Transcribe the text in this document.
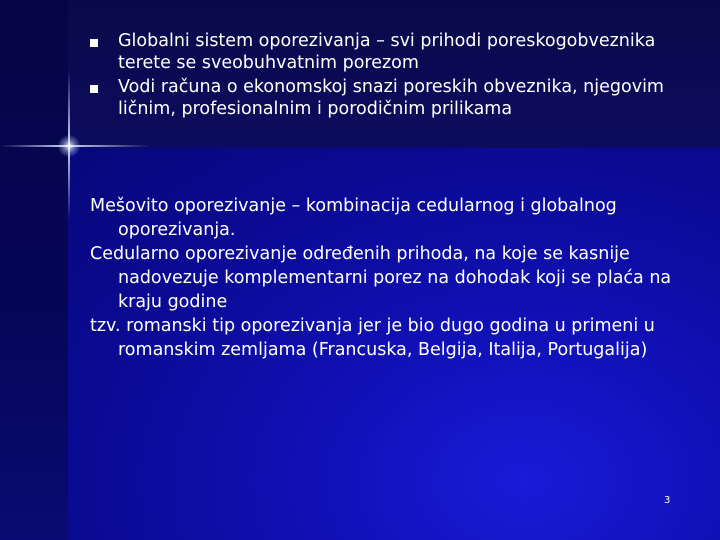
Globalni sistem oporezivanja – svi prihodi poreskogobveznika terete se sveobuhvatnim porezom
Vodi računa o ekonomskoj snazi poreskih obveznika, njegovim ličnim, profesionalnim i porodičnim prilikama

Mešovito oporezivanje – kombinacija cedularnog i globalnog oporezivanja.

Cedularno oporezivanje određenih prihoda, na koje se kasnije nadovezuje komplementarni porez na dohodak koji se plaća na kraju godine

tzv. romanski tip oporezivanja jer je bio dugo godina u primeni u romanskim zemljama (Francuska, Belgija, Italija, Portugalija)

3
